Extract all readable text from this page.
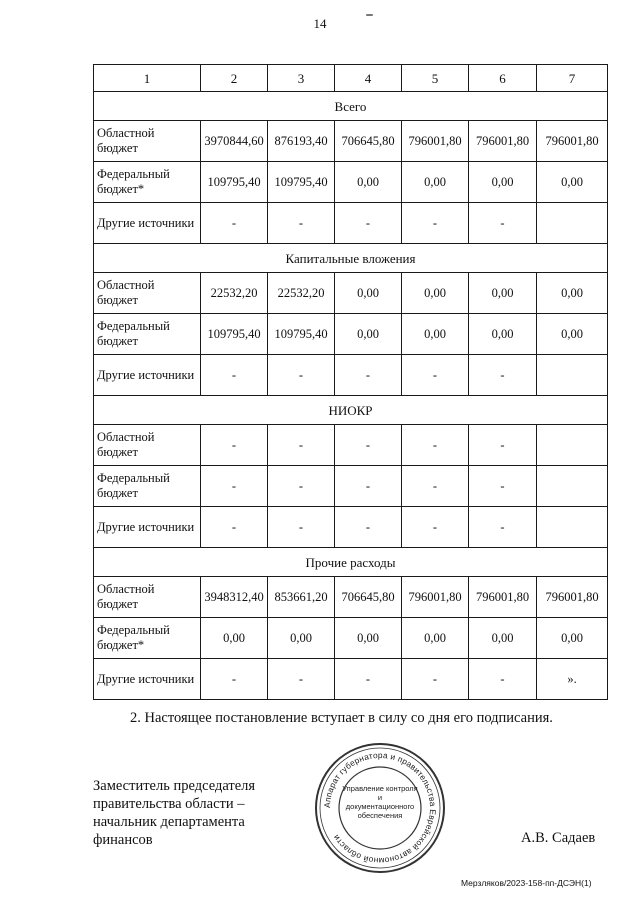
14
1	2	3	4	5	6	7
Всего						
Областной бюджет	3970844,60	876193,40	706645,80	796001,80	796001,80	796001,80
Федеральный бюджет*	109795,40	109795,40	0,00	0,00	0,00	0,00
Другие источники	-	-	-	-	-	
Капитальные вложения						
Областной бюджет	22532,20	22532,20	0,00	0,00	0,00	0,00
Федеральный бюджет	109795,40	109795,40	0,00	0,00	0,00	0,00
Другие источники	-	-	-	-	-	
НИОКР						
Областной бюджет	-	-	-	-	-	
Федеральный бюджет	-	-	-	-	-	
Другие источники	-	-	-	-	-	
Прочие расходы						
Областной бюджет	3948312,40	853661,20	706645,80	796001,80	796001,80	796001,80
Федеральный бюджет*	0,00	0,00	0,00	0,00	0,00	0,00
Другие источники	-	-	-	-	-	».
2. Настоящее постановление вступает в силу со дня его подписания.
Заместитель председателя
правительства области –
начальник департамента
финансов	А.В. Садаев
Аппарат губернатора и правительства Еврейской автономной области
Управление контроля и
документационного
обеспечения
Мерзляков/2023-158-пп-ДСЭН(1)
